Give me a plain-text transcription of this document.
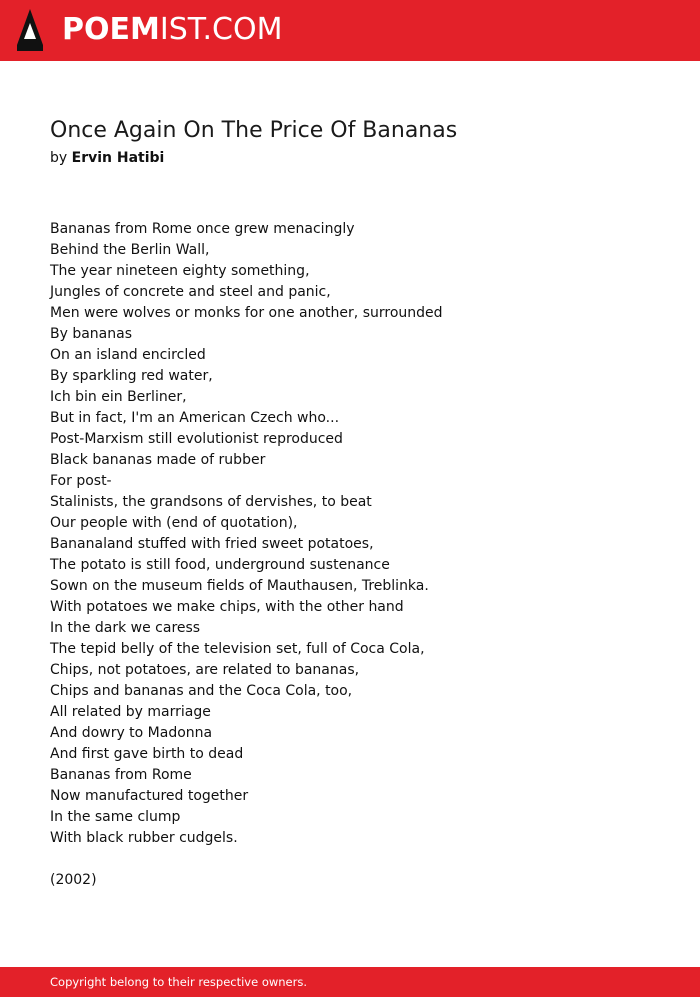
POEMIST.COM
Once Again On The Price Of Bananas
by Ervin Hatibi
Bananas from Rome once grew menacingly
Behind the Berlin Wall,
The year nineteen eighty something,
Jungles of concrete and steel and panic,
Men were wolves or monks for one another, surrounded
By bananas
On an island encircled
By sparkling red water,
Ich bin ein Berliner,
But in fact, I'm an American Czech who...
Post-Marxism still evolutionist reproduced
Black bananas made of rubber
For post-
Stalinists, the grandsons of dervishes, to beat
Our people with (end of quotation),
Bananaland stuffed with fried sweet potatoes,
The potato is still food, underground sustenance
Sown on the museum fields of Mauthausen, Treblinka.
With potatoes we make chips, with the other hand
In the dark we caress
The tepid belly of the television set, full of Coca Cola,
Chips, not potatoes, are related to bananas,
Chips and bananas and the Coca Cola, too,
All related by marriage
And dowry to Madonna
And first gave birth to dead
Bananas from Rome
Now manufactured together
In the same clump
With black rubber cudgels.
(2002)
Copyright belong to their respective owners.
